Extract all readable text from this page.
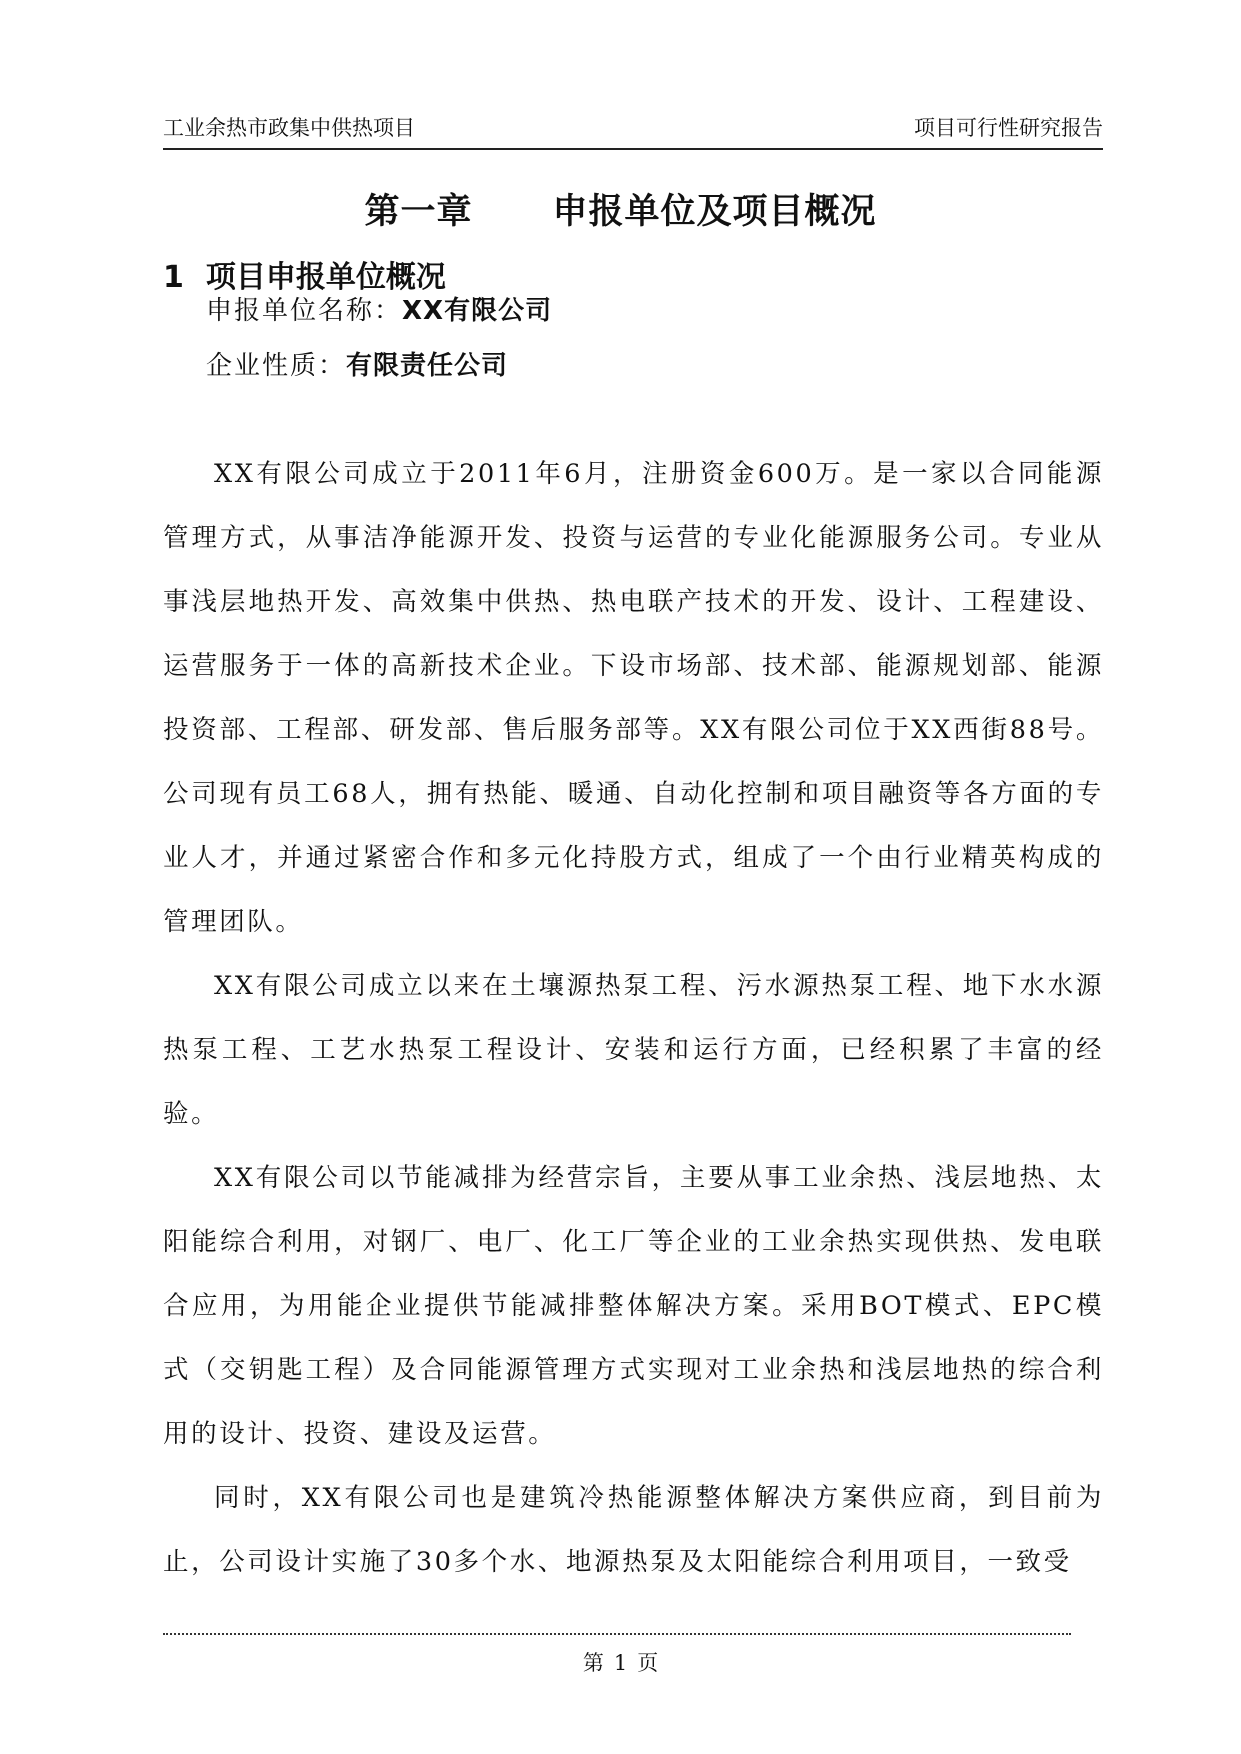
工业余热市政集中供热项目	项目可行性研究报告
第一章 申报单位及项目概况
1 项目申报单位概况
申报单位名称：XX有限公司
企业性质：有限责任公司

XX有限公司成立于2011年6月，注册资金600万。是一家以合同能源管理方式，从事洁净能源开发、投资与运营的专业化能源服务公司。专业从事浅层地热开发、高效集中供热、热电联产技术的开发、设计、工程建设、运营服务于一体的高新技术企业。下设市场部、技术部、能源规划部、能源投资部、工程部、研发部、售后服务部等。XX有限公司位于XX西街88号。 公司现有员工68人，拥有热能、暖通、自动化控制和项目融资等各方面的专业人才，并通过紧密合作和多元化持股方式，组成了一个由行业精英构成的管理团队。

XX有限公司成立以来在土壤源热泵工程、污水源热泵工程、地下水水源热泵工程、工艺水热泵工程设计、安装和运行方面，已经积累了丰富的经验。

XX有限公司以节能减排为经营宗旨，主要从事工业余热、浅层地热、太阳能综合利用，对钢厂、电厂、化工厂等企业的工业余热实现供热、发电联合应用，为用能企业提供节能减排整体解决方案。采用BOT模式、EPC模式（交钥匙工程）及合同能源管理方式实现对工业余热和浅层地热的综合利用的设计、投资、建设及运营。

同时，XX有限公司也是建筑冷热能源整体解决方案供应商，到目前为止，公司设计实施了30多个水、地源热泵及太阳能综合利用项目，一致受

第 1 页
